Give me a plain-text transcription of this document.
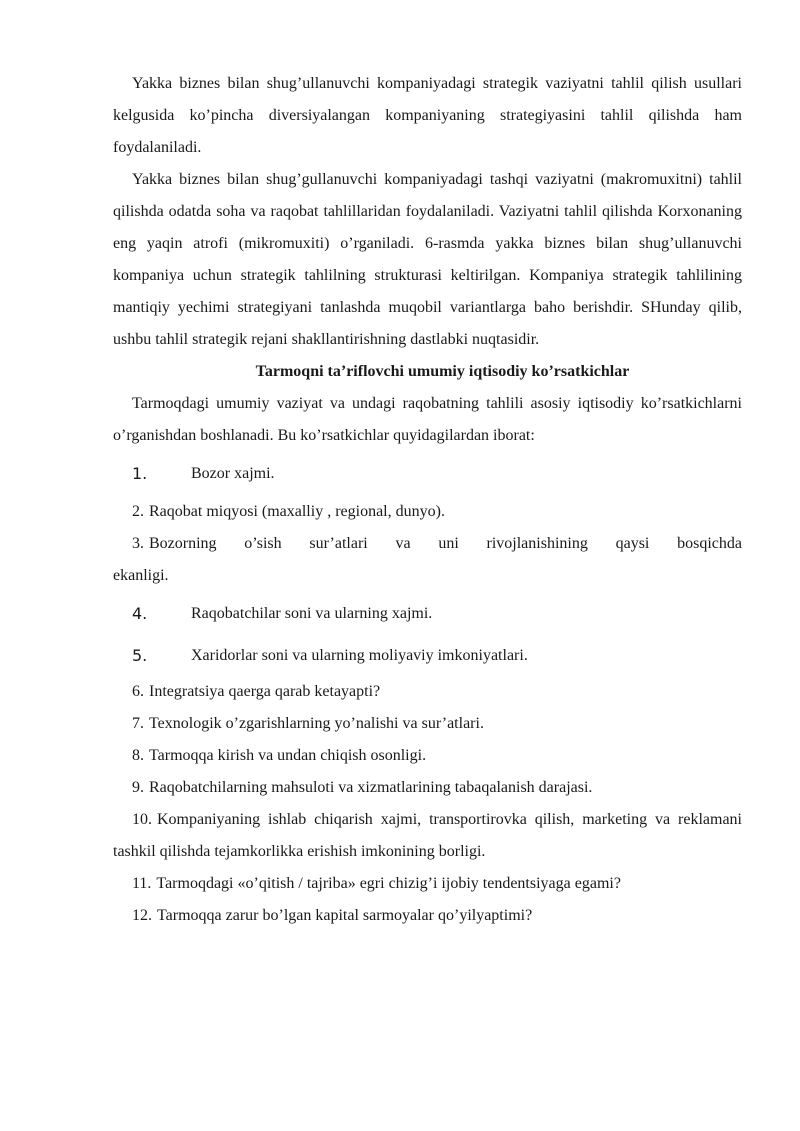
Yakka biznes bilan shug’ullanuvchi kompaniyadagi strategik vaziyatni tahlil qilish usullari kelgusida ko’pincha diversiyalangan kompaniyaning strategiyasini tahlil qilishda ham foydalaniladi.

Yakka biznes bilan shug’gullanuvchi kompaniyadagi tashqi vaziyatni (makromuxitni) tahlil qilishda odatda soha va raqobat tahlillaridan foydalaniladi. Vaziyatni tahlil qilishda Korxonaning eng yaqin atrofi (mikromuxiti) o’rganiladi. 6-rasmda yakka biznes bilan shug’ullanuvchi kompaniya uchun strategik tahlilning strukturasi keltirilgan. Kompaniya strategik tahlilining mantiqiy yechimi strategiyani tanlashda muqobil variantlarga baho berishdir. SHunday qilib, ushbu tahlil strategik rejani shakllantirishning dastlabki nuqtasidir.

Tarmoqni ta’riflovchi umumiy iqtisodiy ko’rsatkichlar

Tarmoqdagi umumiy vaziyat va undagi raqobatning tahlili asosiy iqtisodiy ko’rsatkichlarni o’rganishdan boshlanadi. Bu ko’rsatkichlar quyidagilardan iborat:

1.	Bozor xajmi.
2. Raqobat miqyosi (maxalliy , regional, dunyo).
3. Bozorning o’sish sur’atlari va uni rivojlanishining qaysi bosqichda ekanligi.
4.	Raqobatchilar soni va ularning xajmi.
5.	Xaridorlar soni va ularning moliyaviy imkoniyatlari.
6. Integratsiya qaerga qarab ketayapti?
7. Texnologik o’zgarishlarning yo’nalishi va sur’atlari.
8. Tarmoqqa kirish va undan chiqish osonligi.
9. Raqobatchilarning mahsuloti va xizmatlarining tabaqalanish darajasi.
10. Kompaniyaning ishlab chiqarish xajmi, transportirovka qilish, marketing va reklamani tashkil qilishda tejamkorlikka erishish imkonining borligi.
11. Tarmoqdagi «o’qitish / tajriba» egri chizig’i ijobiy tendentsiyaga egami?
12. Tarmoqqa zarur bo’lgan kapital sarmoyalar qo’yilyaptimi?
